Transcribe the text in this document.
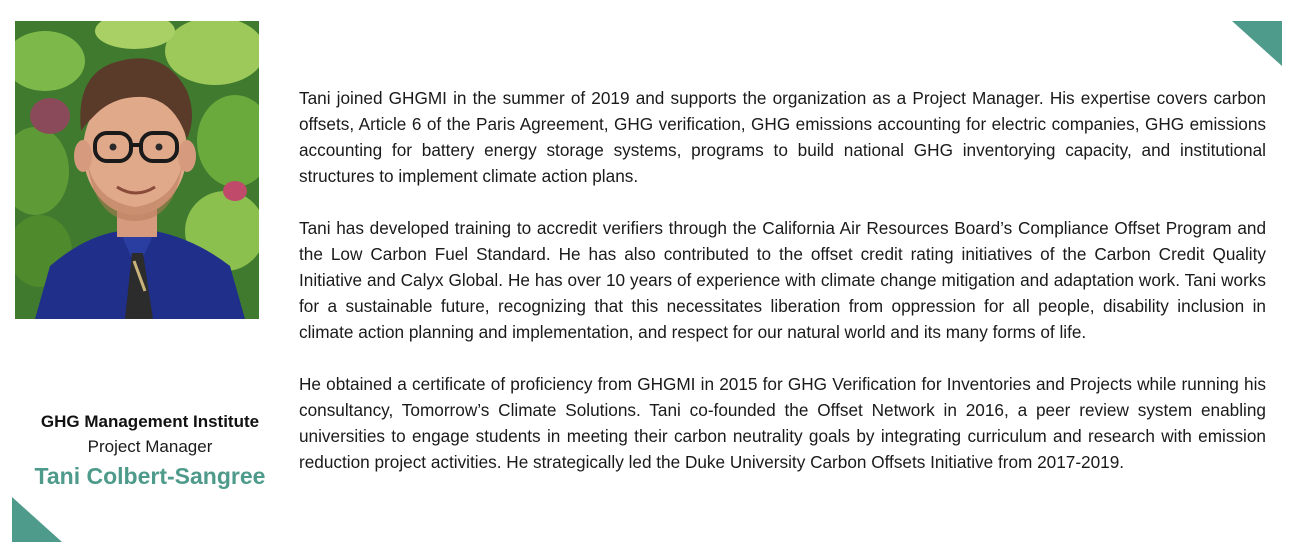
GHG Management Institute
Project Manager
Tani Colbert-Sangree

Tani joined GHGMI in the summer of 2019 and supports the organization as a Project Manager. His expertise covers carbon offsets, Article 6 of the Paris Agreement, GHG verification, GHG emissions accounting for electric companies, GHG emissions accounting for battery energy storage systems, programs to build national GHG inventorying capacity, and institutional structures to implement climate action plans.

Tani has developed training to accredit verifiers through the California Air Resources Board’s Compliance Offset Program and the Low Carbon Fuel Standard. He has also contributed to the offset credit rating initiatives of the Carbon Credit Quality Initiative and Calyx Global. He has over 10 years of experience with climate change mitigation and adaptation work. Tani works for a sustainable future, recognizing that this necessitates liberation from oppression for all people, disability inclusion in climate action planning and implementation, and respect for our natural world and its many forms of life.

He obtained a certificate of proficiency from GHGMI in 2015 for GHG Verification for Inventories and Projects while running his consultancy, Tomorrow’s Climate Solutions. Tani co-founded the Offset Network in 2016, a peer review system enabling universities to engage students in meeting their carbon neutrality goals by integrating curriculum and research with emission reduction project activities. He strategically led the Duke University Carbon Offsets Initiative from 2017-2019.
